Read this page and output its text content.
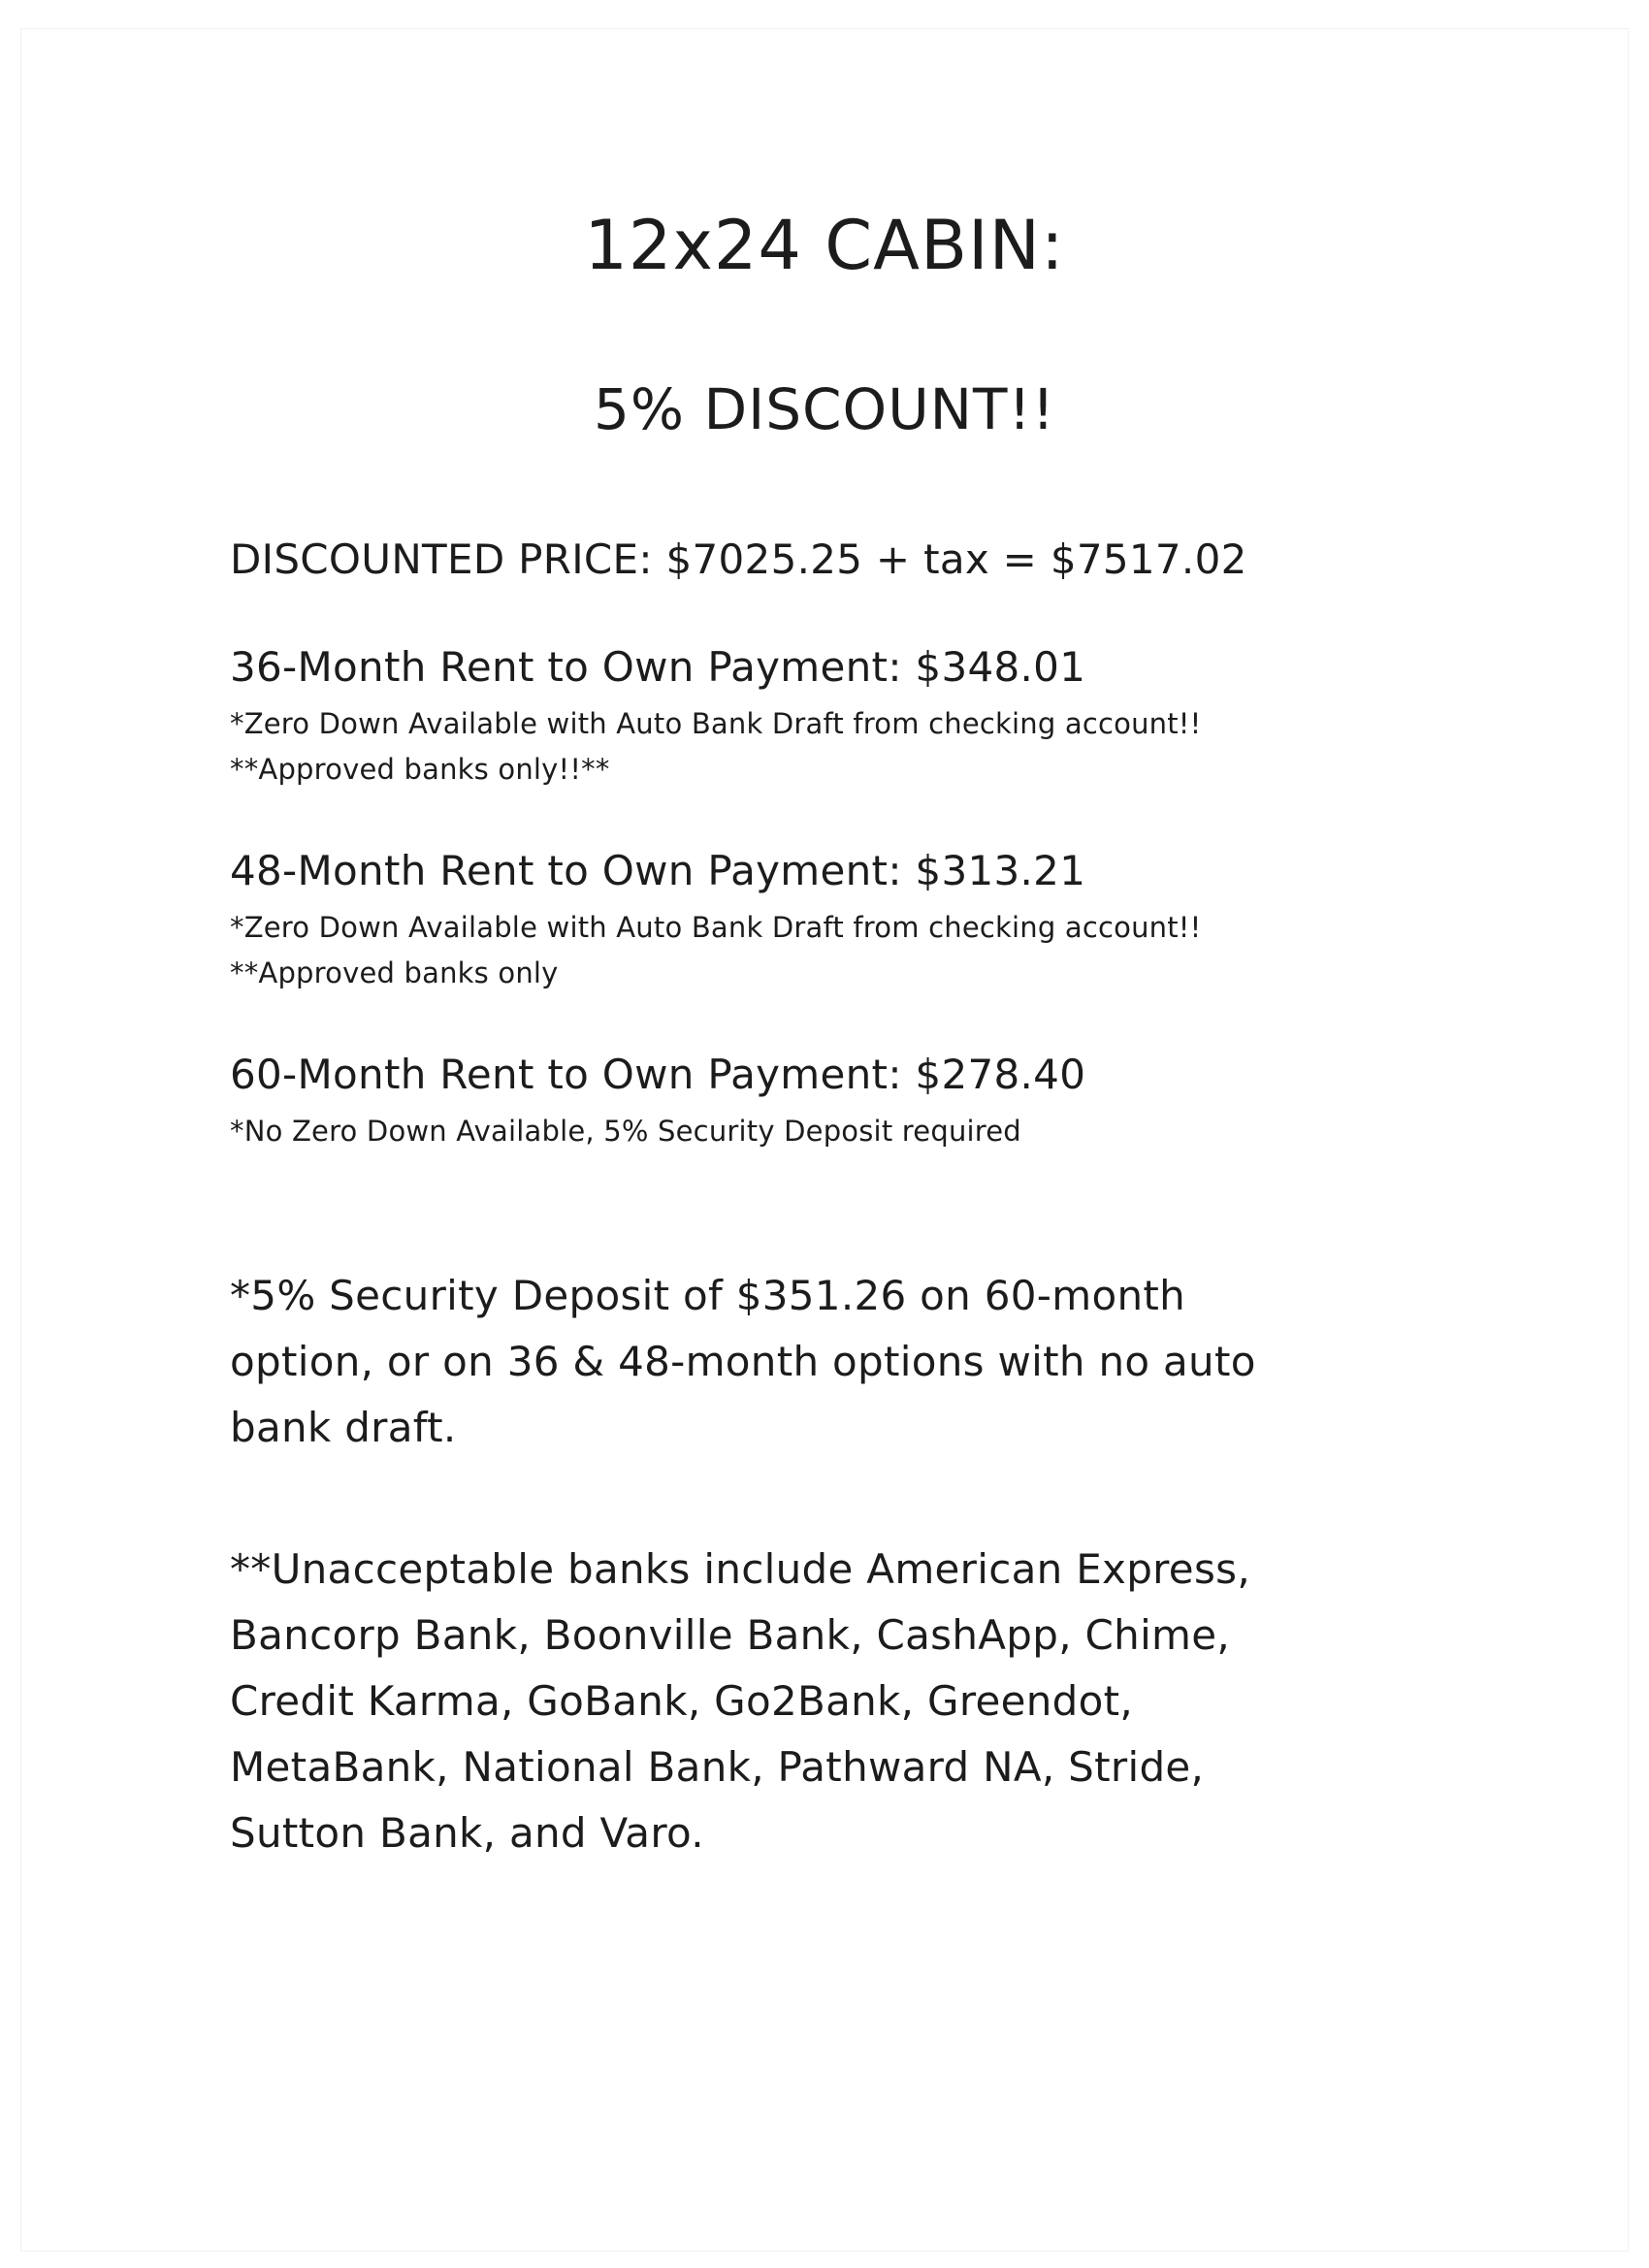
12x24 CABIN:
5% DISCOUNT!!
DISCOUNTED PRICE: $7025.25 + tax = $7517.02
36-Month Rent to Own Payment: $348.01
*Zero Down Available with Auto Bank Draft from checking account!!
**Approved banks only!!**
48-Month Rent to Own Payment: $313.21
*Zero Down Available with Auto Bank Draft from checking account!!
**Approved banks only
60-Month Rent to Own Payment: $278.40
*No Zero Down Available, 5% Security Deposit required
*5% Security Deposit of $351.26 on 60-month
option, or on 36 & 48-month options with no auto
bank draft.
**Unacceptable banks include American Express,
Bancorp Bank, Boonville Bank, CashApp, Chime,
Credit Karma, GoBank, Go2Bank, Greendot,
MetaBank, National Bank, Pathward NA, Stride,
Sutton Bank, and Varo.
